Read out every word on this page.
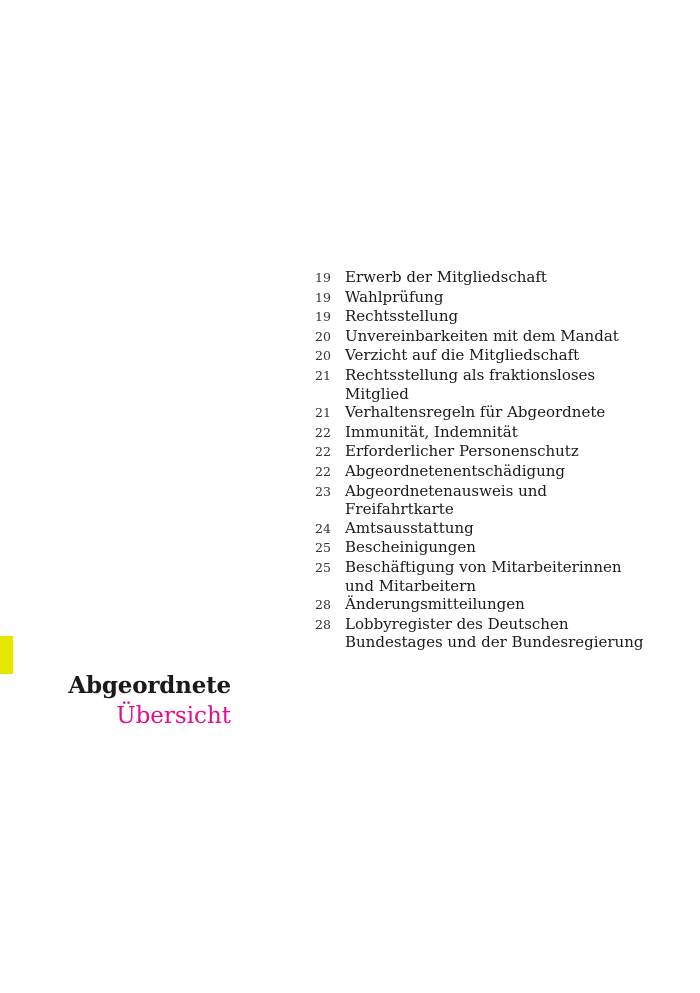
19 Erwerb der Mitgliedschaft
19 Wahlprüfung
19 Rechtsstellung
20 Unvereinbarkeiten mit dem Mandat
20 Verzicht auf die Mitgliedschaft
21 Rechtsstellung als fraktionsloses
Mitglied
21 Verhaltensregeln für Abgeordnete
22 Immunität, Indemnität
22 Erforderlicher Personenschutz
22 Abgeordnetenentschädigung
23 Abgeordnetenausweis und
Freifahrtkarte
24 Amtsausstattung
25 Bescheinigungen
25 Beschäftigung von Mitarbeiterinnen
und Mitarbeitern
28 Änderungsmitteilungen
28 Lobbyregister des Deutschen
Bundestages und der Bundesregierung
Abgeordnete
Übersicht
